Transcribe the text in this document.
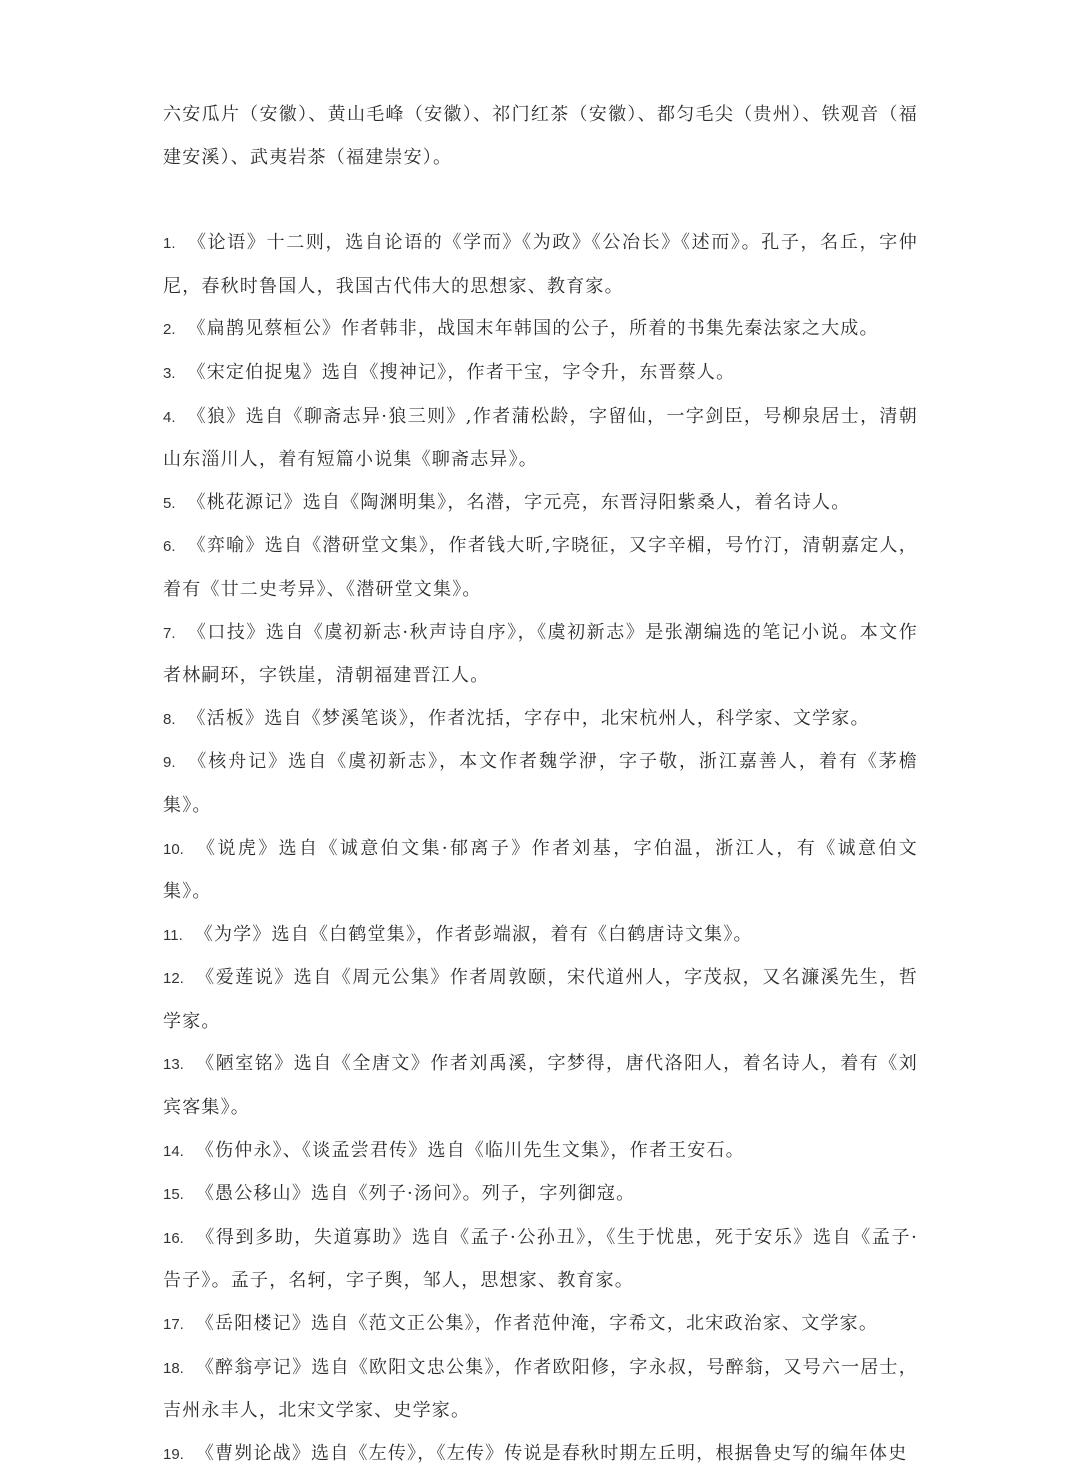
六安瓜片（安徽）、黄山毛峰（安徽）、祁门红茶（安徽）、都匀毛尖（贵州）、铁观音（福建安溪）、武夷岩茶（福建崇安）。

1. 《论语》十二则，选自论语的《学而》《为政》《公冶长》《述而》。孔子，名丘，字仲尼，春秋时鲁国人，我国古代伟大的思想家、教育家。

2. 《扁鹊见蔡桓公》作者韩非，战国末年韩国的公子，所着的书集先秦法家之大成。

3. 《宋定伯捉鬼》选自《搜神记》，作者干宝，字令升，东晋蔡人。

4. 《狼》选自《聊斋志异·狼三则》,作者蒲松龄，字留仙，一字剑臣，号柳泉居士，清朝山东淄川人，着有短篇小说集《聊斋志异》。

5. 《桃花源记》选自《陶渊明集》，名潜，字元亮，东晋浔阳紫桑人，着名诗人。

6. 《弈喻》选自《潜研堂文集》，作者钱大昕,字晓征，又字辛楣，号竹汀，清朝嘉定人，着有《廿二史考异》、《潜研堂文集》。

7. 《口技》选自《虞初新志·秋声诗自序》，《虞初新志》是张潮编选的笔记小说。本文作者林嗣环，字铁崖，清朝福建晋江人。

8. 《活板》选自《梦溪笔谈》，作者沈括，字存中，北宋杭州人，科学家、文学家。

9. 《核舟记》选自《虞初新志》，本文作者魏学洢，字子敬，浙江嘉善人，着有《茅檐集》。

10. 《说虎》选自《诚意伯文集·郁离子》作者刘基，字伯温，浙江人，有《诚意伯文集》。

11. 《为学》选自《白鹤堂集》，作者彭端淑，着有《白鹤唐诗文集》。

12. 《爱莲说》选自《周元公集》作者周敦颐，宋代道州人，字茂叔，又名濂溪先生，哲学家。

13. 《陋室铭》选自《全唐文》作者刘禹溪，字梦得，唐代洛阳人，着名诗人，着有《刘宾客集》。

14. 《伤仲永》、《谈孟尝君传》选自《临川先生文集》，作者王安石。

15. 《愚公移山》选自《列子·汤问》。列子，字列御寇。

16. 《得到多助，失道寡助》选自《孟子·公孙丑》，《生于忧患，死于安乐》选自《孟子·告子》。孟子，名轲，字子舆，邹人，思想家、教育家。

17. 《岳阳楼记》选自《范文正公集》，作者范仲淹，字希文，北宋政治家、文学家。

18. 《醉翁亭记》选自《欧阳文忠公集》，作者欧阳修，字永叔，号醉翁，又号六一居士，吉州永丰人，北宋文学家、史学家。

19. 《曹刿论战》选自《左传》，《左传》传说是春秋时期左丘明，根据鲁史写的编年体史
